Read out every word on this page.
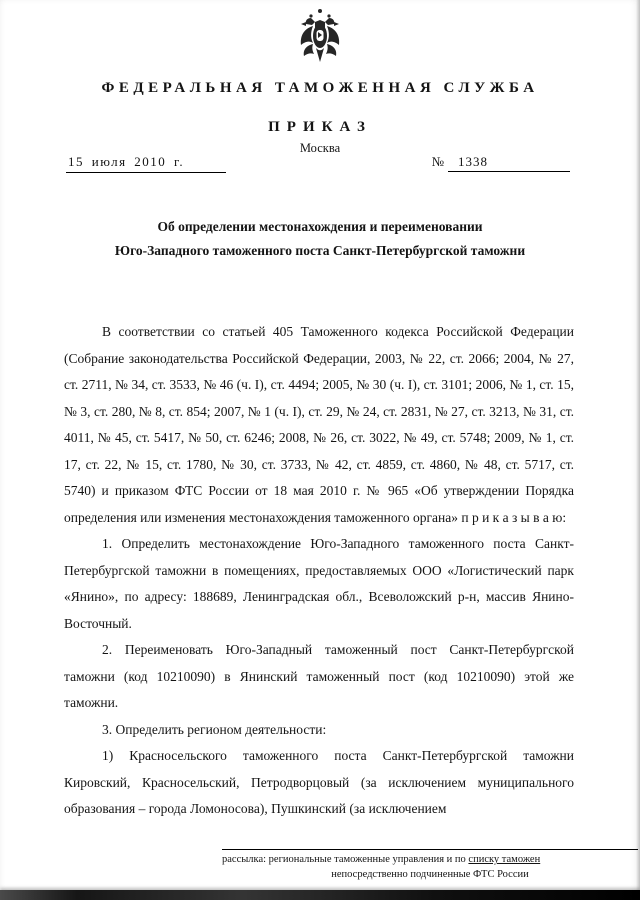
ФЕДЕРАЛЬНАЯ ТАМОЖЕННАЯ СЛУЖБА
ПРИКАЗ
Москва
15 июля 2010 г.	№ 1338
Об определении местонахождения и переименовании
Юго-Западного таможенного поста Санкт-Петербургской таможни

В соответствии со статьей 405 Таможенного кодекса Российской Федерации (Собрание законодательства Российской Федерации, 2003, № 22, ст. 2066; 2004, № 27, ст. 2711, № 34, ст. 3533, № 46 (ч. I), ст. 4494; 2005, № 30 (ч. I), ст. 3101; 2006, № 1, ст. 15, № 3, ст. 280, № 8, ст. 854; 2007, № 1 (ч. I), ст. 29, № 24, ст. 2831, № 27, ст. 3213, № 31, ст. 4011, № 45, ст. 5417, № 50, ст. 6246; 2008, № 26, ст. 3022, № 49, ст. 5748; 2009, № 1, ст. 17, ст. 22, № 15, ст. 1780, № 30, ст. 3733, № 42, ст. 4859, ст. 4860, № 48, ст. 5717, ст. 5740) и приказом ФТС России от 18 мая 2010 г. № 965 «Об утверждении Порядка определения или изменения местонахождения таможенного органа» п р и к а з ы в а ю:

1. Определить местонахождение Юго-Западного таможенного поста Санкт-Петербургской таможни в помещениях, предоставляемых ООО «Логистический парк «Янино», по адресу: 188689, Ленинградская обл., Всеволожский р-н, массив Янино-Восточный.

2. Переименовать Юго-Западный таможенный пост Санкт-Петербургской таможни (код 10210090) в Янинский таможенный пост (код 10210090) этой же таможни.

3. Определить регионом деятельности:

1) Красносельского таможенного поста Санкт-Петербургской таможни Кировский, Красносельский, Петродворцовый (за исключением муниципального образования – города Ломоносова), Пушкинский (за исключением

рассылка: региональные таможенные управления и по списку таможен
непосредственно подчиненные ФТС России
